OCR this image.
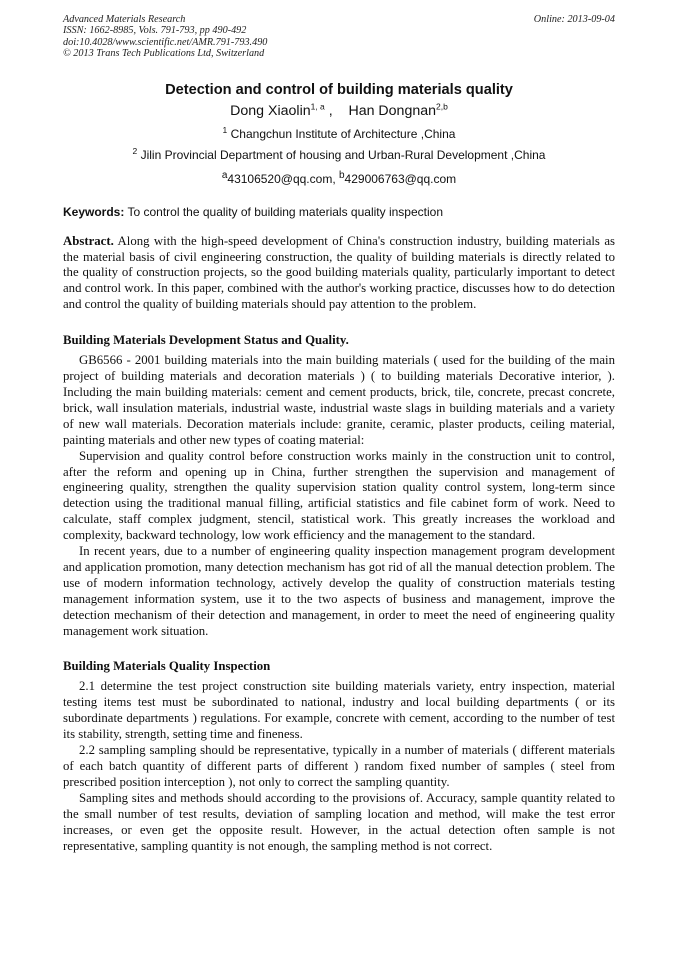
Advanced Materials Research
ISSN: 1662-8985, Vols. 791-793, pp 490-492
doi:10.4028/www.scientific.net/AMR.791-793.490
© 2013 Trans Tech Publications Ltd, Switzerland
Online: 2013-09-04
Detection and control of building materials quality
Dong Xiaolin$^{1, a}$ ,    Han Dongnan$^{2,b}$
$^1$ Changchun Institute of Architecture ,China
$^2$ Jilin Provincial Department of housing and Urban-Rural Development ,China
$^a$43106520@qq.com, $^b$429006763@qq.com
Keywords: To control the quality of building materials quality inspection
Abstract. Along with the high-speed development of China's construction industry, building materials as the material basis of civil engineering construction, the quality of building materials is directly related to the quality of construction projects, so the good building materials quality, particularly important to detect and control work. In this paper, combined with the author's working practice, discusses how to do detection and control the quality of building materials should pay attention to the problem.
Building Materials Development Status and Quality.

GB6566 - 2001 building materials into the main building materials ( used for the building of the main project of building materials and decoration materials ) ( to building materials Decorative interior, ). Including the main building materials: cement and cement products, brick, tile, concrete, precast concrete, brick, wall insulation materials, industrial waste, industrial waste slags in building materials and a variety of new wall materials. Decoration materials include: granite, ceramic, plaster products, ceiling material, painting materials and other new types of coating material:

Supervision and quality control before construction works mainly in the construction unit to control, after the reform and opening up in China, further strengthen the supervision and management of engineering quality, strengthen the quality supervision station quality control system, long-term since detection using the traditional manual filling, artificial statistics and file cabinet form of work. Need to calculate, staff complex judgment, stencil, statistical work. This greatly increases the workload and complexity, backward technology, low work efficiency and the management to the standard.

In recent years, due to a number of engineering quality inspection management program development and application promotion, many detection mechanism has got rid of all the manual detection problem. The use of modern information technology, actively develop the quality of construction materials testing management information system, use it to the two aspects of business and management, improve the detection mechanism of their detection and management, in order to meet the need of engineering quality management work situation.

Building Materials Quality Inspection

2.1 determine the test project construction site building materials variety, entry inspection, material testing items test must be subordinated to national, industry and local building departments ( or its subordinate departments ) regulations. For example, concrete with cement, according to the number of test its stability, strength, setting time and fineness.

2.2 sampling sampling should be representative, typically in a number of materials ( different materials of each batch quantity of different parts of different ) random fixed number of samples ( steel from prescribed position interception ), not only to correct the sampling quantity.

Sampling sites and methods should according to the provisions of. Accuracy, sample quantity related to the small number of test results, deviation of sampling location and method, will make the test error increases, or even get the opposite result. However, in the actual detection often sample is not representative, sampling quantity is not enough, the sampling method is not correct.
